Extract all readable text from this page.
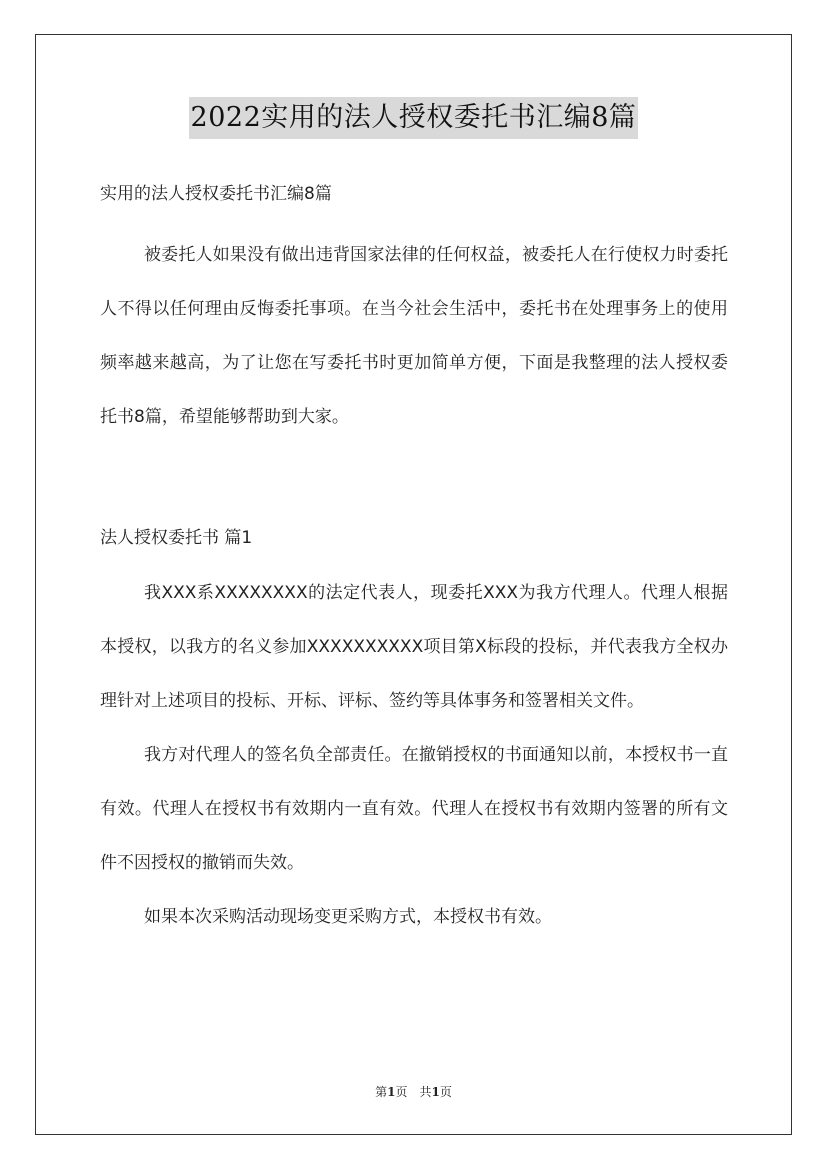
2022实用的法人授权委托书汇编8篇

实用的法人授权委托书汇编8篇

被委托人如果没有做出违背国家法律的任何权益，被委托人在行使权力时委托人不得以任何理由反悔委托事项。在当今社会生活中，委托书在处理事务上的使用频率越来越高，为了让您在写委托书时更加简单方便，下面是我整理的法人授权委托书8篇，希望能够帮助到大家。

法人授权委托书 篇1

我XXX系XXXXXXXX的法定代表人，现委托XXX为我方代理人。代理人根据本授权，以我方的名义参加XXXXXXXXXX项目第X标段的投标，并代表我方全权办理针对上述项目的投标、开标、评标、签约等具体事务和签署相关文件。

我方对代理人的签名负全部责任。在撤销授权的书面通知以前，本授权书一直有效。代理人在授权书有效期内一直有效。代理人在授权书有效期内签署的所有文件不因授权的撤销而失效。

如果本次采购活动现场变更采购方式，本授权书有效。

第1页　共1页
